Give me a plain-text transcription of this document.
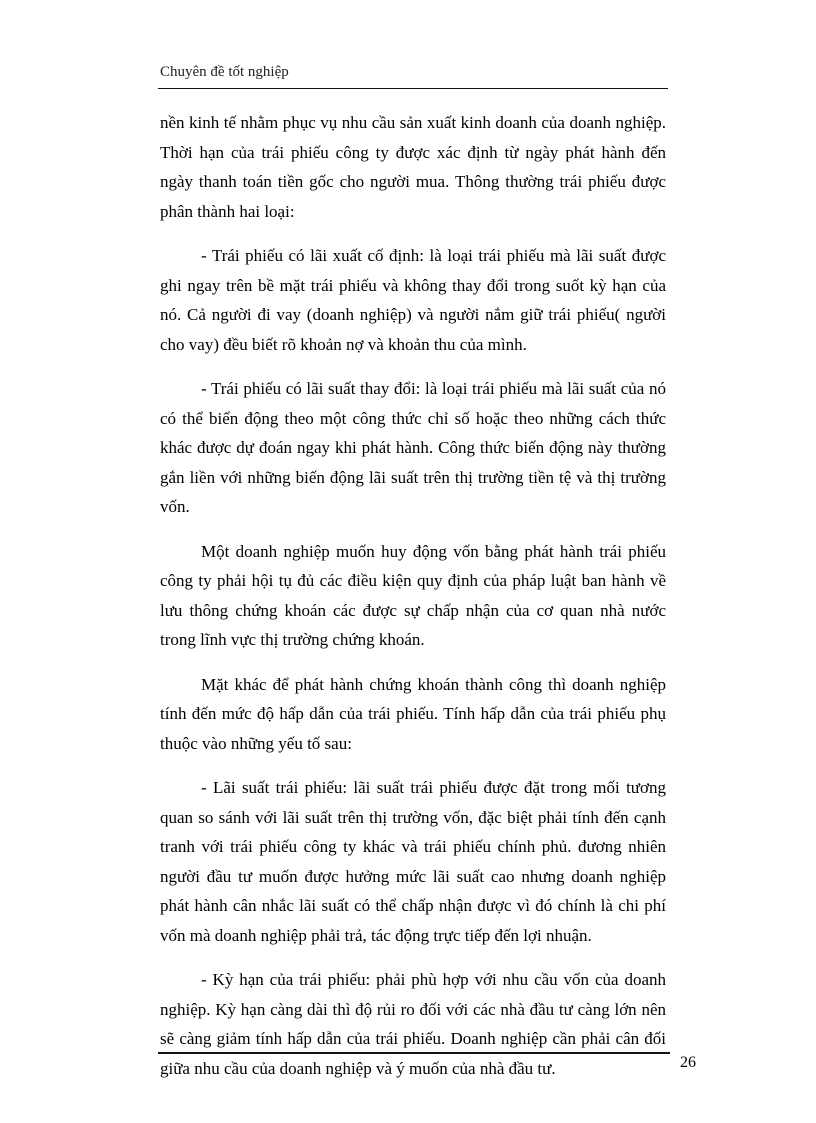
Chuyên đề tốt nghiệp

nền kinh tế nhằm phục vụ nhu cầu sản xuất kinh doanh của doanh nghiệp. Thời hạn của trái phiếu công ty được xác định từ ngày phát hành đến ngày thanh toán tiền gốc cho người mua. Thông thường trái phiếu được phân thành hai loại:

- Trái phiếu có lãi xuất cố định: là loại trái phiếu mà lãi suất được ghi ngay trên bề mặt trái phiếu và không thay đổi trong suốt kỳ hạn của nó. Cả người đi vay (doanh nghiệp) và người nắm giữ trái phiếu( người cho vay) đều biết rõ khoản nợ và khoản thu của mình.

- Trái phiếu có lãi suất thay đổi: là loại trái phiếu mà lãi suất của nó có thể biến động theo một công thức chỉ số hoặc theo những cách thức khác được dự đoán ngay khi phát hành. Công thức biến động này thường gắn liền với những biến động lãi suất trên thị trường tiền tệ và thị trường vốn.

Một doanh nghiệp muốn huy động vốn bằng phát hành trái phiếu công ty phải hội tụ đủ các điều kiện quy định của pháp luật ban hành về lưu thông chứng khoán các được sự chấp nhận của cơ quan nhà nước trong lĩnh vực thị trường chứng khoán.

Mặt khác để phát hành chứng khoán thành công thì doanh nghiệp tính đến mức độ hấp dẫn của trái phiếu. Tính hấp dẫn của trái phiếu phụ thuộc vào những yếu tố sau:

- Lãi suất trái phiếu: lãi suất trái phiếu được đặt trong mối tương quan so sánh với lãi suất trên thị trường vốn, đặc biệt phải tính đến cạnh tranh với trái phiếu công ty khác và trái phiếu chính phủ. đương nhiên người đầu tư muốn được hưởng mức lãi suất cao nhưng doanh nghiệp phát hành cân nhắc lãi suất có thể chấp nhận được vì đó chính là chi phí vốn mà doanh nghiệp phải trả, tác động trực tiếp đến lợi nhuận.

- Kỳ hạn của trái phiếu: phải phù hợp với nhu cầu vốn của doanh nghiệp. Kỳ hạn càng dài thì độ rủi ro đối với các nhà đầu tư càng lớn nên sẽ càng giảm tính hấp dẫn của trái phiếu. Doanh nghiệp cần phải cân đối giữa nhu cầu của doanh nghiệp và ý muốn của nhà đầu tư.	26
